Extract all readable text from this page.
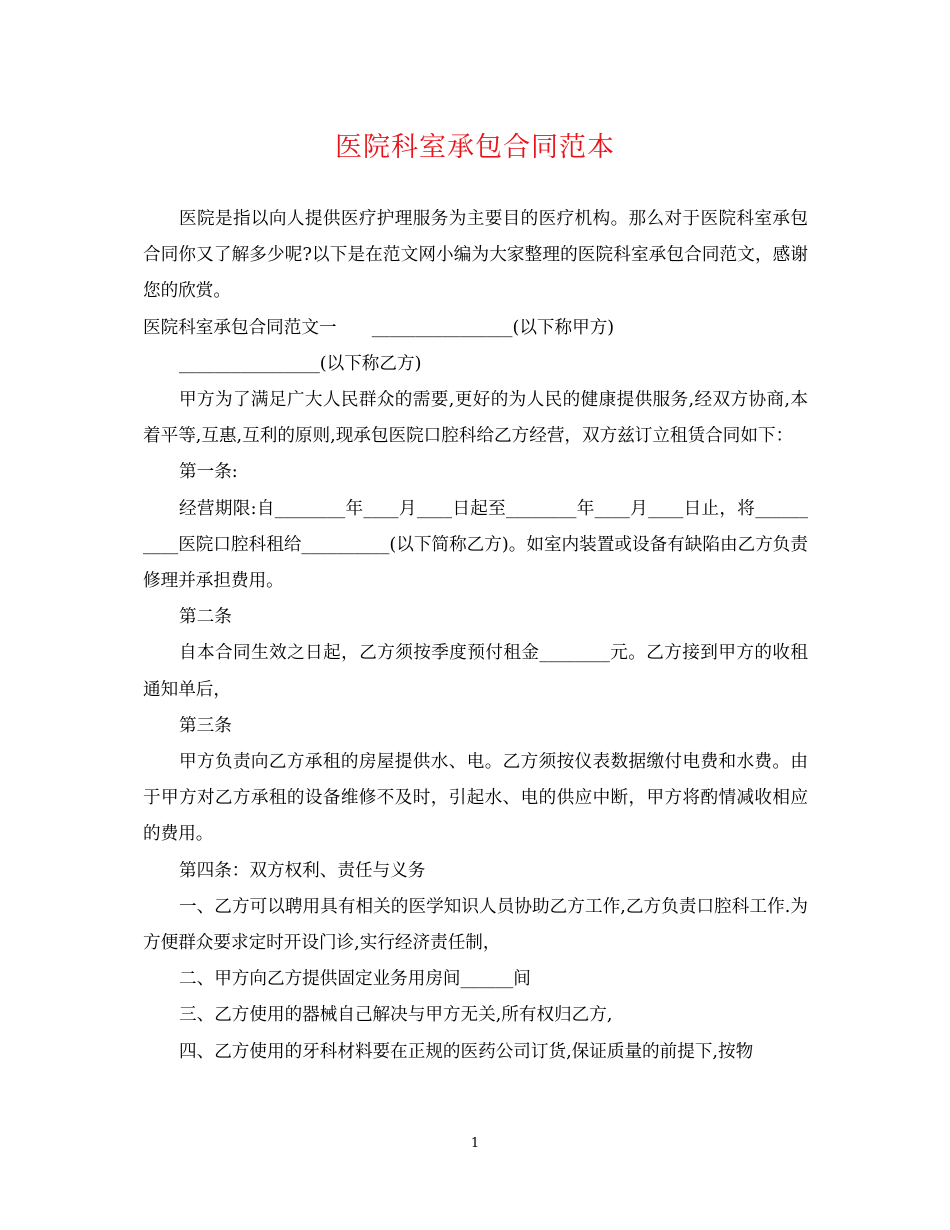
医院科室承包合同范本

医院是指以向人提供医疗护理服务为主要目的医疗机构。那么对于医院科室承包合同你又了解多少呢?以下是在范文网小编为大家整理的医院科室承包合同范文，感谢您的欣赏。

医院科室承包合同范文一　　________________(以下称甲方)

________________(以下称乙方)

甲方为了满足广大人民群众的需要,更好的为人民的健康提供服务,经双方协商,本着平等,互惠,互利的原则,现承包医院口腔科给乙方经营，双方兹订立租赁合同如下：

第一条:

经营期限:自________年____月____日起至________年____月____日止，将__________医院口腔科租给__________(以下简称乙方)。如室内装置或设备有缺陷由乙方负责修理并承担费用。

第二条

自本合同生效之日起，乙方须按季度预付租金________元。乙方接到甲方的收租通知单后，

第三条

甲方负责向乙方承租的房屋提供水、电。乙方须按仪表数据缴付电费和水费。由于甲方对乙方承租的设备维修不及时，引起水、电的供应中断，甲方将酌情减收相应的费用。

第四条：双方权利、责任与义务

一、乙方可以聘用具有相关的医学知识人员协助乙方工作,乙方负责口腔科工作.为方便群众要求定时开设门诊,实行经济责任制，

二、甲方向乙方提供固定业务用房间______间

三、乙方使用的器械自己解决与甲方无关,所有权归乙方,

四、乙方使用的牙科材料要在正规的医药公司订货,保证质量的前提下,按物

1
